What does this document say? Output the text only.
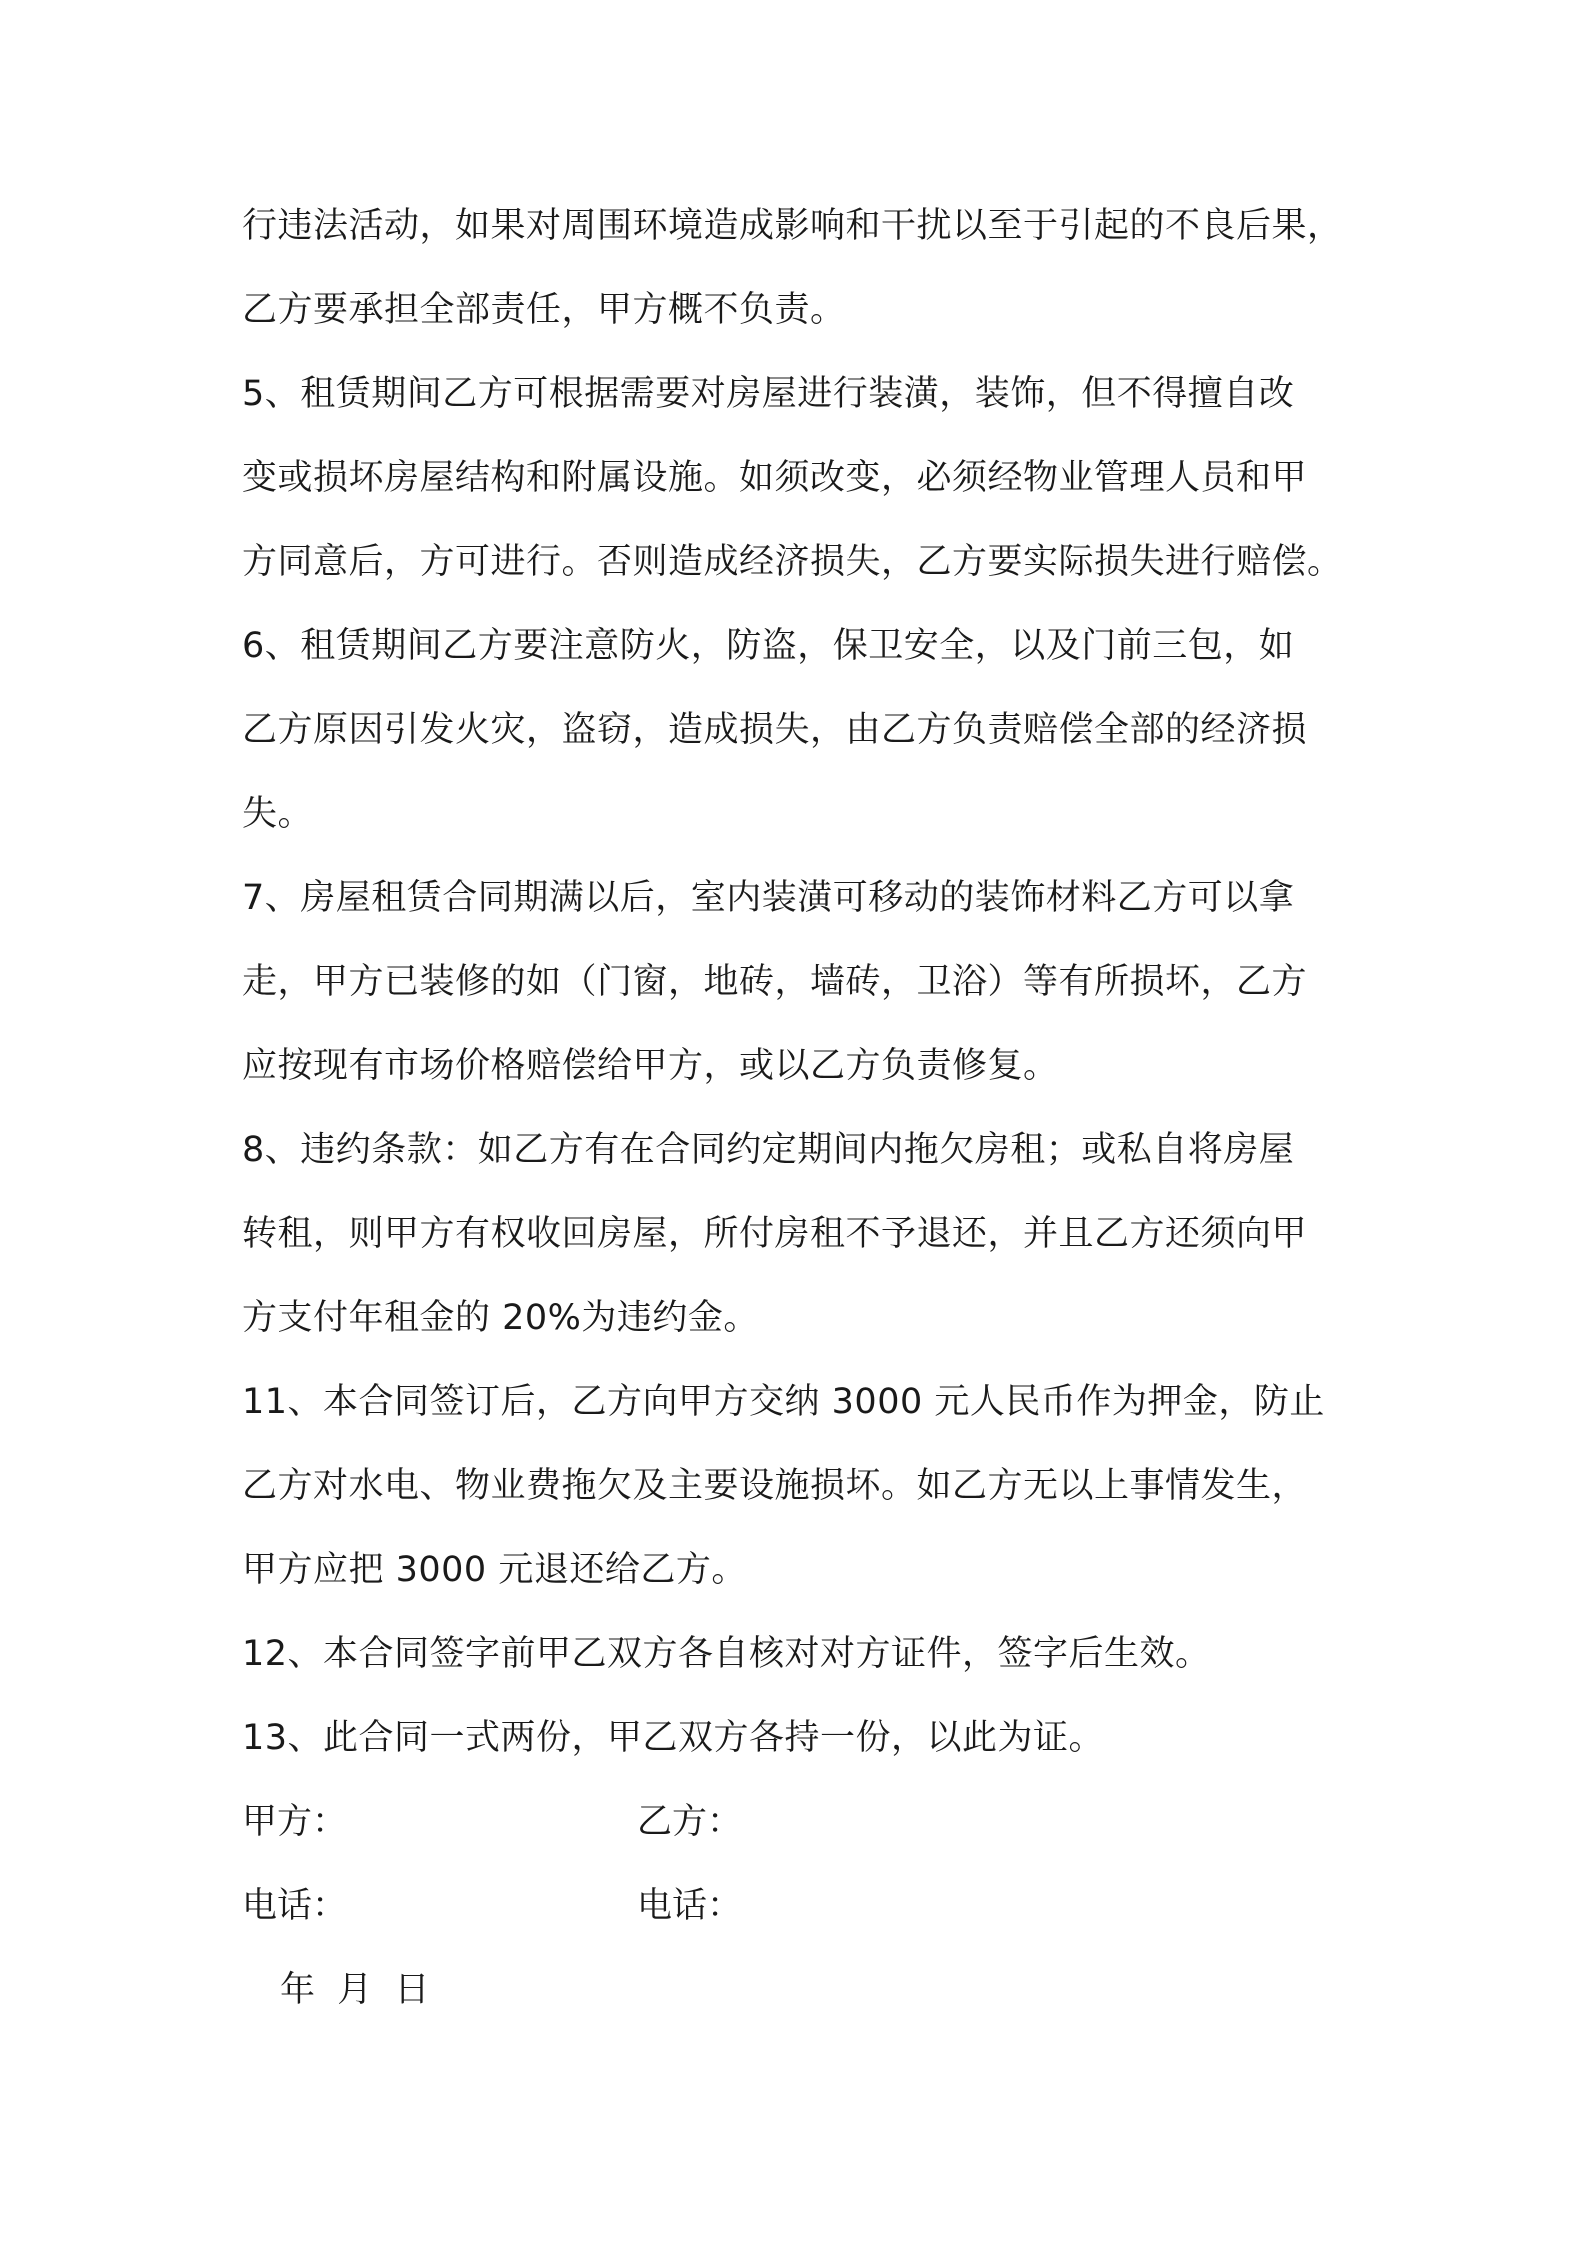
行违法活动，如果对周围环境造成影响和干扰以至于引起的不良后果，
乙方要承担全部责任，甲方概不负责。
5、租赁期间乙方可根据需要对房屋进行装潢，装饰，但不得擅自改
变或损坏房屋结构和附属设施。如须改变，必须经物业管理人员和甲
方同意后，方可进行。否则造成经济损失，乙方要实际损失进行赔偿。
6、租赁期间乙方要注意防火，防盗，保卫安全，以及门前三包，如
乙方原因引发火灾，盗窃，造成损失，由乙方负责赔偿全部的经济损
失。
7、房屋租赁合同期满以后，室内装潢可移动的装饰材料乙方可以拿
走，甲方已装修的如（门窗，地砖，墙砖，卫浴）等有所损坏，乙方
应按现有市场价格赔偿给甲方，或以乙方负责修复。
8、违约条款：如乙方有在合同约定期间内拖欠房租；或私自将房屋
转租，则甲方有权收回房屋，所付房租不予退还，并且乙方还须向甲
方支付年租金的 20%为违约金。
11、本合同签订后，乙方向甲方交纳 3000 元人民币作为押金，防止
乙方对水电、物业费拖欠及主要设施损坏。如乙方无以上事情发生，
甲方应把 3000 元退还给乙方。
12、本合同签字前甲乙双方各自核对对方证件，签字后生效。
13、此合同一式两份，甲乙双方各持一份，以此为证。
甲方：	乙方：
电话：	电话：
年  月  日
